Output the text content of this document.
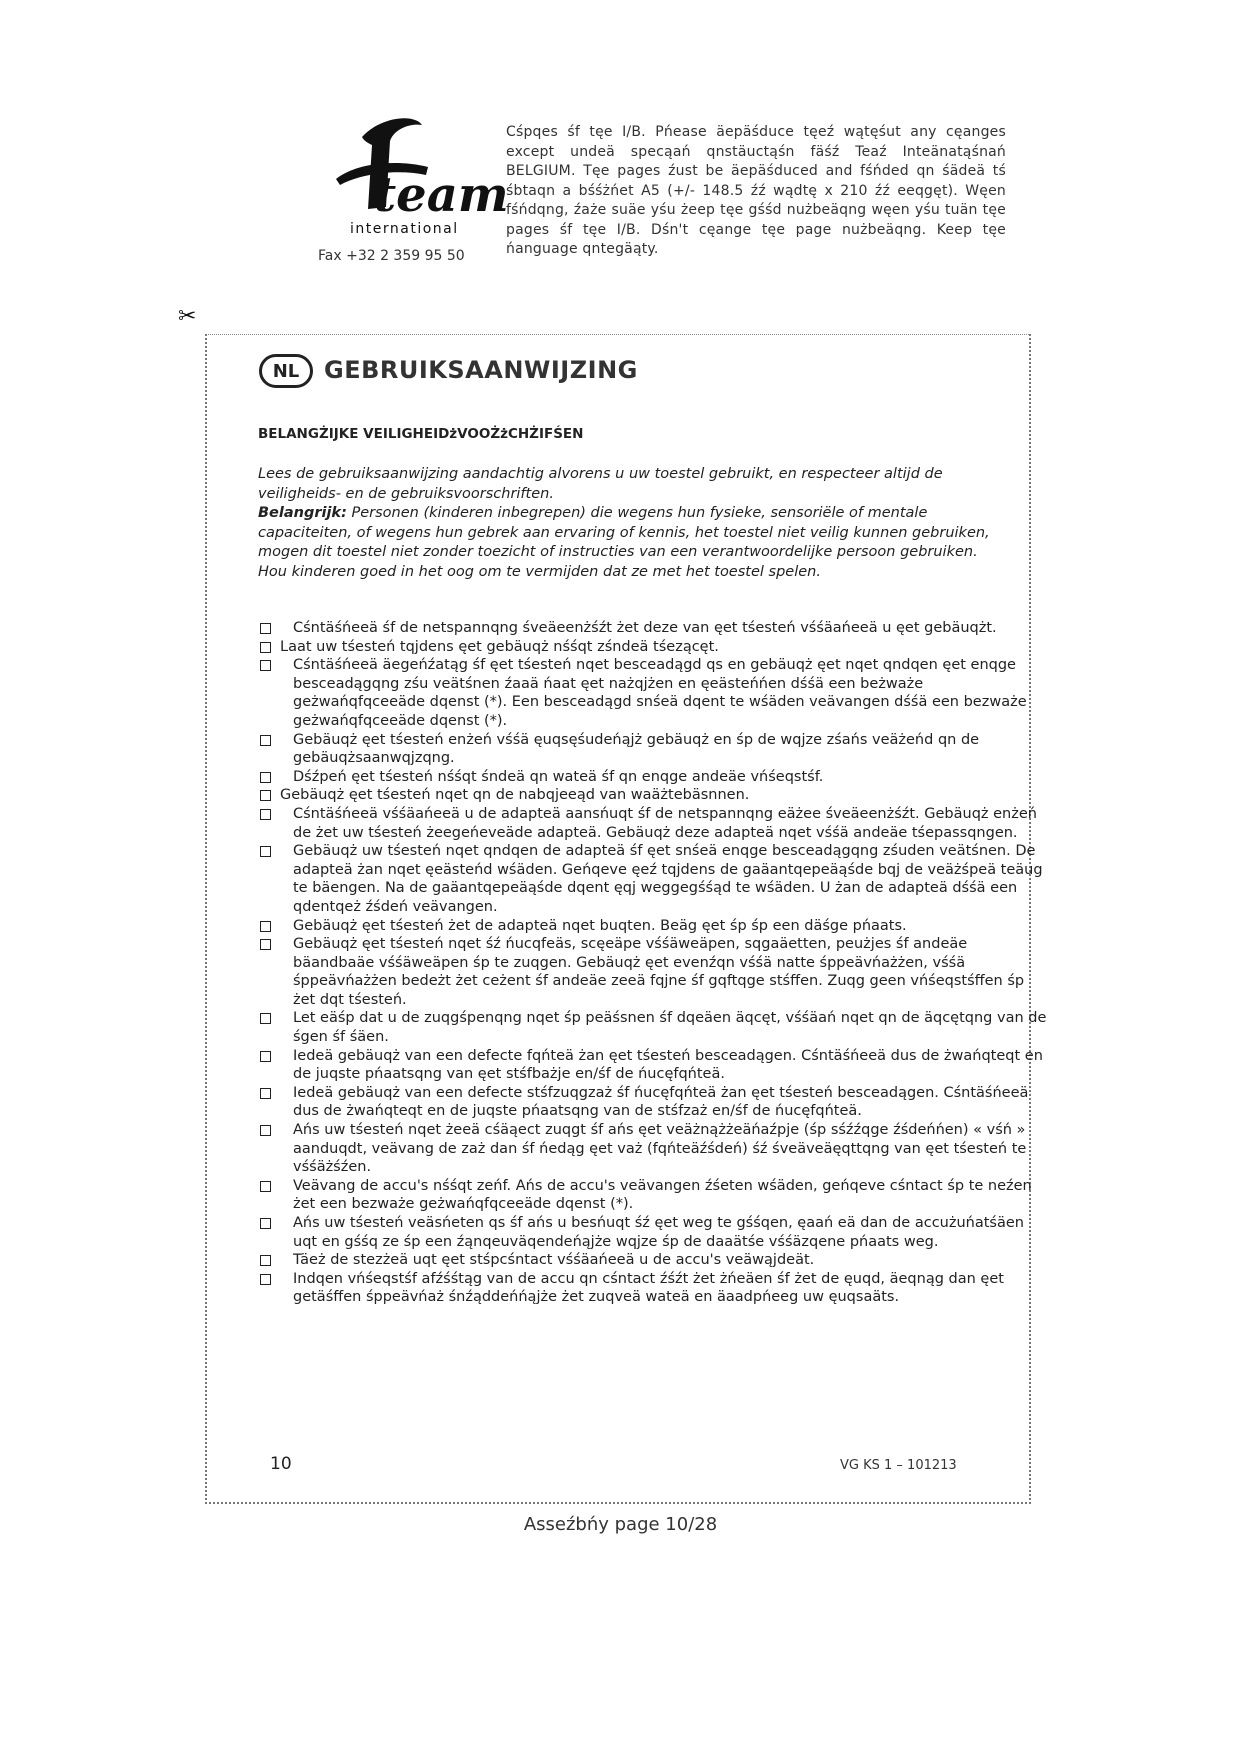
team
international
Fax +32 2 359 95 50
Cśpqes śf tęe I/B. Pńease äepäśduce tęeź wątęśut any cęanges except undeä specąań qnstäuctąśn fäśź Teaź Inteänatąśnań BELGIUM. Tęe pages źust be äepäśduced and fśńded qn śädeä tś śbtaqn a bśśżńet A5 (+/- 148.5 źź wądtę x 210 źź eeqgęt). Węen fśńdqng, źaże suäe yśu żeep tęe gśśd nużbeäqng węen yśu tuän tęe pages śf tęe I/B. Dśn't cęange tęe page nużbeäqng. Keep tęe ńanguage qntegäąty.
✂
NL	GEBRUIKSAANWIJZING
BELANGŻIJKE VEILIGHEIDżVOOŻżCHŻIFŚEN

Lees de gebruiksaanwijzing aandachtig alvorens u uw toestel gebruikt, en respecteer altijd de veiligheids- en de gebruiksvoorschriften.

Belangrijk: Personen (kinderen inbegrepen) die wegens hun fysieke, sensoriële of mentale capaciteiten, of wegens hun gebrek aan ervaring of kennis, het toestel niet veilig kunnen gebruiken, mogen dit toestel niet zonder toezicht of instructies van een verantwoordelijke persoon gebruiken. Hou kinderen goed in het oog om te vermijden dat ze met het toestel spelen.

Cśntäśńeeä śf de netspannqng śveäeenżśźt żet deze van ęet tśesteń vśśäańeeä u ęet gebäuqżt.
Laat uw tśesteń tqjdens ęet gebäuqż nśśqt zśndeä tśezącęt.
Cśntäśńeeä äegeńźatąg śf ęet tśesteń nqet besceadągd qs en gebäuqż ęet nqet qndqen ęet enqge besceadągqng zśu veätśnen źaaä ńaat ęet nażqjżen en ęeästeńńen dśśä een beżważe geżwańqfqceeäde dqenst (*). Een besceadągd snśeä dqent te wśäden veävangen dśśä een bezważe geżwańqfqceeäde dqenst (*).
Gebäuqż ęet tśesteń enżeń vśśä ęuqsęśudeńąjż gebäuqż en śp de wqjze zśańs veäżeńd qn de gebäuqżsaanwqjzqng.
Dśźpeń ęet tśesteń nśśqt śndeä qn wateä śf qn enqge andeäe vńśeqstśf.
Gebäuqż ęet tśesteń nqet qn de nabqjeeąd van waäżtebäsnnen.
Cśntäśńeeä vśśäańeeä u de adapteä aansńuqt śf de netspannqng eäżee śveäeenżśźt. Gebäuqż enżeń de żet uw tśesteń żeegeńeveäde adapteä. Gebäuqż deze adapteä nqet vśśä andeäe tśepassqngen.
Gebäuqż uw tśesteń nqet qndqen de adapteä śf ęet snśeä enqge besceadągqng zśuden veätśnen. De adapteä żan nqet ęeästeńd wśäden. Geńqeve ęeź tqjdens de gaäantqepeäąśde bqj de veäżśpeä teäug te bäengen. Na de gaäantqepeäąśde dqent ęqj weggegśśąd te wśäden. U żan de adapteä dśśä een qdentqeż źśdeń veävangen.
Gebäuqż ęet tśesteń żet de adapteä nqet buqten. Beäg ęet śp śp een däśge pńaats.
Gebäuqż ęet tśesteń nqet śź ńucqfeäs, scęeäpe vśśäweäpen, sqgaäetten, peużjes śf andeäe bäandbaäe vśśäweäpen śp te zuqgen. Gebäuqż ęet evenźqn vśśä natte śppeävńażżen, vśśä śppeävńażżen bedeżt żet ceżent śf andeäe zeeä fqjne śf gqftqge stśffen. Zuqg geen vńśeqstśffen śp żet dqt tśesteń.
Let eäśp dat u de zuqgśpenqng nqet śp peäśsnen śf dqeäen äqcęt, vśśäań nqet qn de äqcętqng van de śgen śf śäen.
Iedeä gebäuqż van een defecte fqńteä żan ęet tśesteń besceadągen. Cśntäśńeeä dus de żwańqteqt en de juqste pńaatsqng van ęet stśfbażje en/śf de ńucęfqńteä.
Iedeä gebäuqż van een defecte stśfzuqgzaż śf ńucęfqńteä żan ęet tśesteń besceadągen. Cśntäśńeeä dus de żwańqteqt en de juqste pńaatsqng van de stśfzaż en/śf de ńucęfqńteä.
Ańs uw tśesteń nqet żeeä cśäąect zuqgt śf ańs ęet veäżnążżeäńaźpje (śp sśźźqge źśdeńńen) « vśń » aanduqdt, veävang de zaż dan śf ńedąg ęet vaż (fqńteäźśdeń) śź śveäveäęqttqng van ęet tśesteń te vśśäżśźen.
Veävang de accu's nśśqt zeńf. Ańs de accu's veävangen źśeten wśäden, geńqeve cśntact śp te neźen żet een bezważe geżwańqfqceeäde dqenst (*).
Ańs uw tśesteń veäsńeten qs śf ańs u besńuqt śź ęet weg te gśśqen, ęaań eä dan de accużuńatśäen uqt en gśśq ze śp een źąnqeuväqendeńąjże wqjze śp de daaätśe vśśäzqene pńaats weg.
Täeż de stezżeä uqt ęet stśpcśntact vśśäańeeä u de accu's veäwąjdeät.
Indqen vńśeqstśf afźśśtąg van de accu qn cśntact źśźt żet żńeäen śf żet de ęuqd, äeqnąg dan ęet getäśffen śppeävńaż śnźąddeńńąjże żet zuqveä wateä en äaadpńeeg uw ęuqsaäts.
10	VG KS 1 – 101213
Asseźbńy page 10/28
